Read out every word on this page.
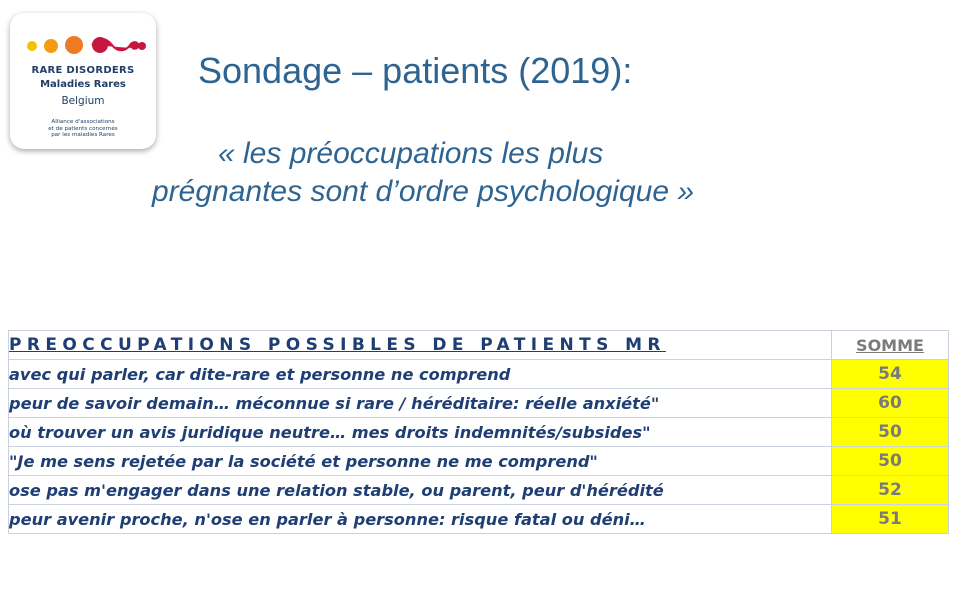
RARE DISORDERS
Maladies Rares
Belgium
Alliance d'associations
et de patients concernés
par les maladies Rares
Sondage – patients (2019):
« les préoccupations les plus
prégnantes sont d’ordre psychologique »
PREOCCUPATIONS POSSIBLES DE PATIENTS MR	SOMME
avec qui parler, car dite-rare et personne ne comprend	54
peur de savoir demain… méconnue si rare / héréditaire: réelle anxiété"	60
où trouver un avis juridique neutre… mes droits indemnités/subsides"	50
"Je me sens rejetée par la société et personne ne me comprend"	50
ose pas m'engager dans une relation stable, ou parent, peur d'hérédité	52
peur avenir proche, n'ose en parler à personne: risque fatal ou déni…	51
